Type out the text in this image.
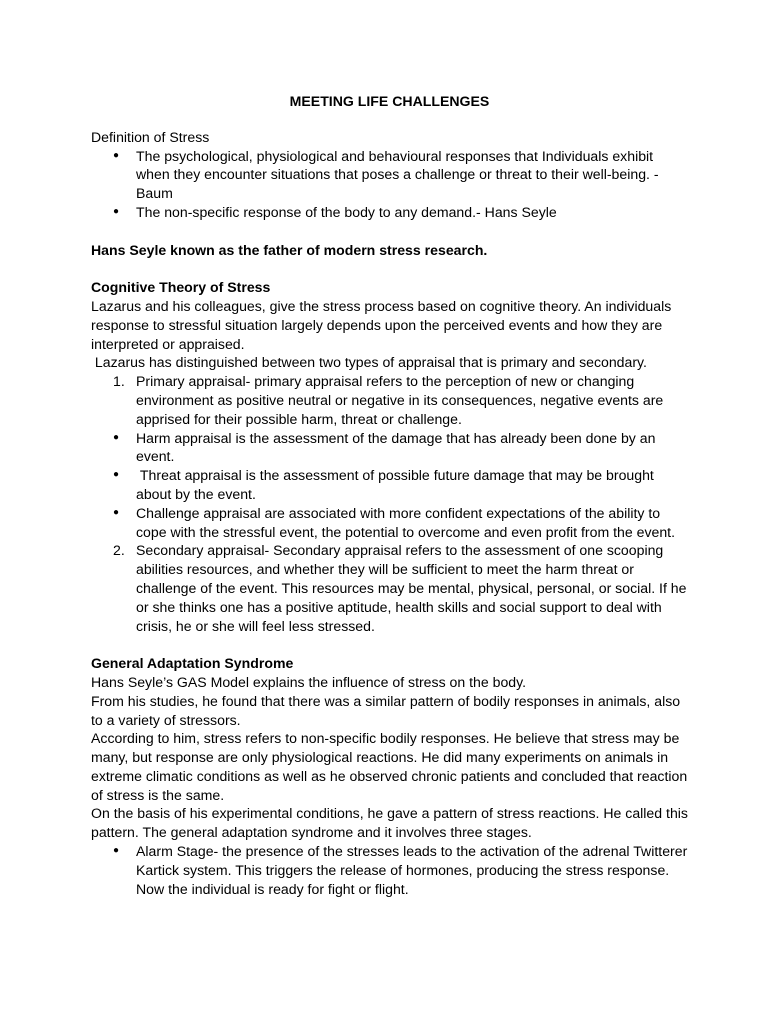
MEETING LIFE CHALLENGES
Definition of Stress
● The psychological, physiological and behavioural responses that Individuals exhibit when they encounter situations that poses a challenge or threat to their well-being. - Baum
● The non-specific response of the body to any demand.- Hans Seyle
Hans Seyle known as the father of modern stress research.
Cognitive Theory of Stress
Lazarus and his colleagues, give the stress process based on cognitive theory. An individuals response to stressful situation largely depends upon the perceived events and how they are interpreted or appraised.
Lazarus has distinguished between two types of appraisal that is primary and secondary.
1. Primary appraisal- primary appraisal refers to the perception of new or changing environment as positive neutral or negative in its consequences, negative events are apprised for their possible harm, threat or challenge.
● Harm appraisal is the assessment of the damage that has already been done by an event.
● Threat appraisal is the assessment of possible future damage that may be brought about by the event.
● Challenge appraisal are associated with more confident expectations of the ability to cope with the stressful event, the potential to overcome and even profit from the event.
2. Secondary appraisal- Secondary appraisal refers to the assessment of one scooping abilities resources, and whether they will be sufficient to meet the harm threat or challenge of the event. This resources may be mental, physical, personal, or social. If he or she thinks one has a positive aptitude, health skills and social support to deal with crisis, he or she will feel less stressed.
General Adaptation Syndrome
Hans Seyle’s GAS Model explains the influence of stress on the body.
From his studies, he found that there was a similar pattern of bodily responses in animals, also to a variety of stressors.
According to him, stress refers to non-specific bodily responses. He believe that stress may be many, but response are only physiological reactions. He did many experiments on animals in extreme climatic conditions as well as he observed chronic patients and concluded that reaction of stress is the same.
On the basis of his experimental conditions, he gave a pattern of stress reactions. He called this pattern. The general adaptation syndrome and it involves three stages.
● Alarm Stage- the presence of the stresses leads to the activation of the adrenal Twitterer Kartick system. This triggers the release of hormones, producing the stress response. Now the individual is ready for fight or flight.
